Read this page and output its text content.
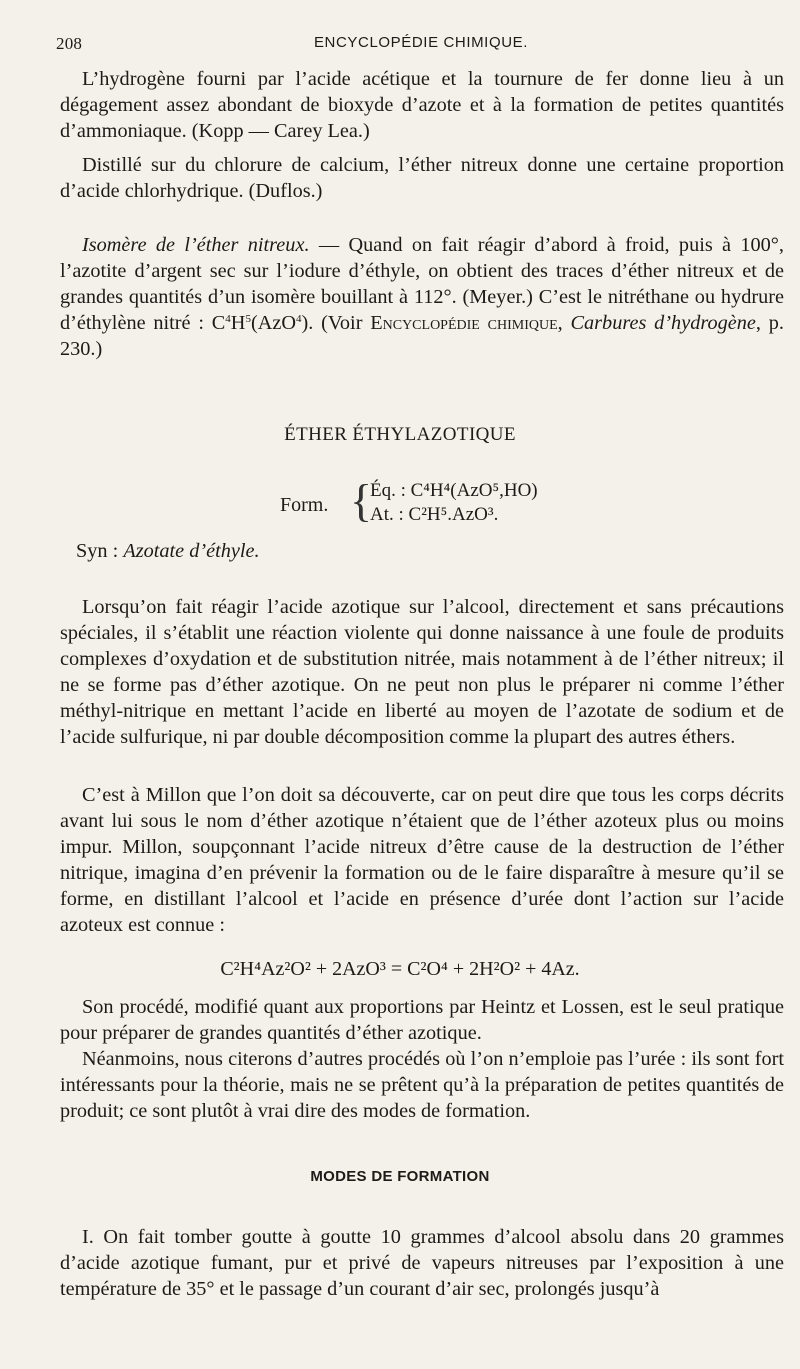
208	ENCYCLOPÉDIE CHIMIQUE.

L’hydrogène fourni par l’acide acétique et la tournure de fer donne lieu à un dégagement assez abondant de bioxyde d’azote et à la formation de petites quantités d’ammoniaque. (Kopp — Carey Lea.)

Distillé sur du chlorure de calcium, l’éther nitreux donne une certaine proportion d’acide chlorhydrique. (Duflos.)

Isomère de l’éther nitreux. — Quand on fait réagir d’abord à froid, puis à 100°, l’azotite d’argent sec sur l’iodure d’éthyle, on obtient des traces d’éther nitreux et de grandes quantités d’un isomère bouillant à 112°. (Meyer.) C’est le nitréthane ou hydrure d’éthylène nitré : $C^4H^5(AzO^4)$. (Voir Encyclopédie chimique, Carbures d’hydrogène, p. 230.)

ÉTHER ÉTHYLAZOTIQUE
Form. {
Éq. : C⁴H⁴(AzO⁵,HO)
At. : C²H⁵.AzO³.
Syn : Azotate d’éthyle.

Lorsqu’on fait réagir l’acide azotique sur l’alcool, directement et sans précautions spéciales, il s’établit une réaction violente qui donne naissance à une foule de produits complexes d’oxydation et de substitution nitrée, mais notamment à de l’éther nitreux; il ne se forme pas d’éther azotique. On ne peut non plus le préparer ni comme l’éther méthyl-nitrique en mettant l’acide en liberté au moyen de l’azotate de sodium et de l’acide sulfurique, ni par double décomposition comme la plupart des autres éthers.

C’est à Millon que l’on doit sa découverte, car on peut dire que tous les corps décrits avant lui sous le nom d’éther azotique n’étaient que de l’éther azoteux plus ou moins impur. Millon, soupçonnant l’acide nitreux d’être cause de la destruction de l’éther nitrique, imagina d’en prévenir la formation ou de le faire disparaître à mesure qu’il se forme, en distillant l’alcool et l’acide en présence d’urée dont l’action sur l’acide azoteux est connue :

C²H⁴Az²O² + 2AzO³ = C²O⁴ + 2H²O² + 4Az.

Son procédé, modifié quant aux proportions par Heintz et Lossen, est le seul pratique pour préparer de grandes quantités d’éther azotique.

Néanmoins, nous citerons d’autres procédés où l’on n’emploie pas l’urée : ils sont fort intéressants pour la théorie, mais ne se prêtent qu’à la préparation de petites quantités de produit; ce sont plutôt à vrai dire des modes de formation.

MODES DE FORMATION

I. On fait tomber goutte à goutte 10 grammes d’alcool absolu dans 20 grammes d’acide azotique fumant, pur et privé de vapeurs nitreuses par l’exposition à une température de 35° et le passage d’un courant d’air sec, prolongés jusqu’à
